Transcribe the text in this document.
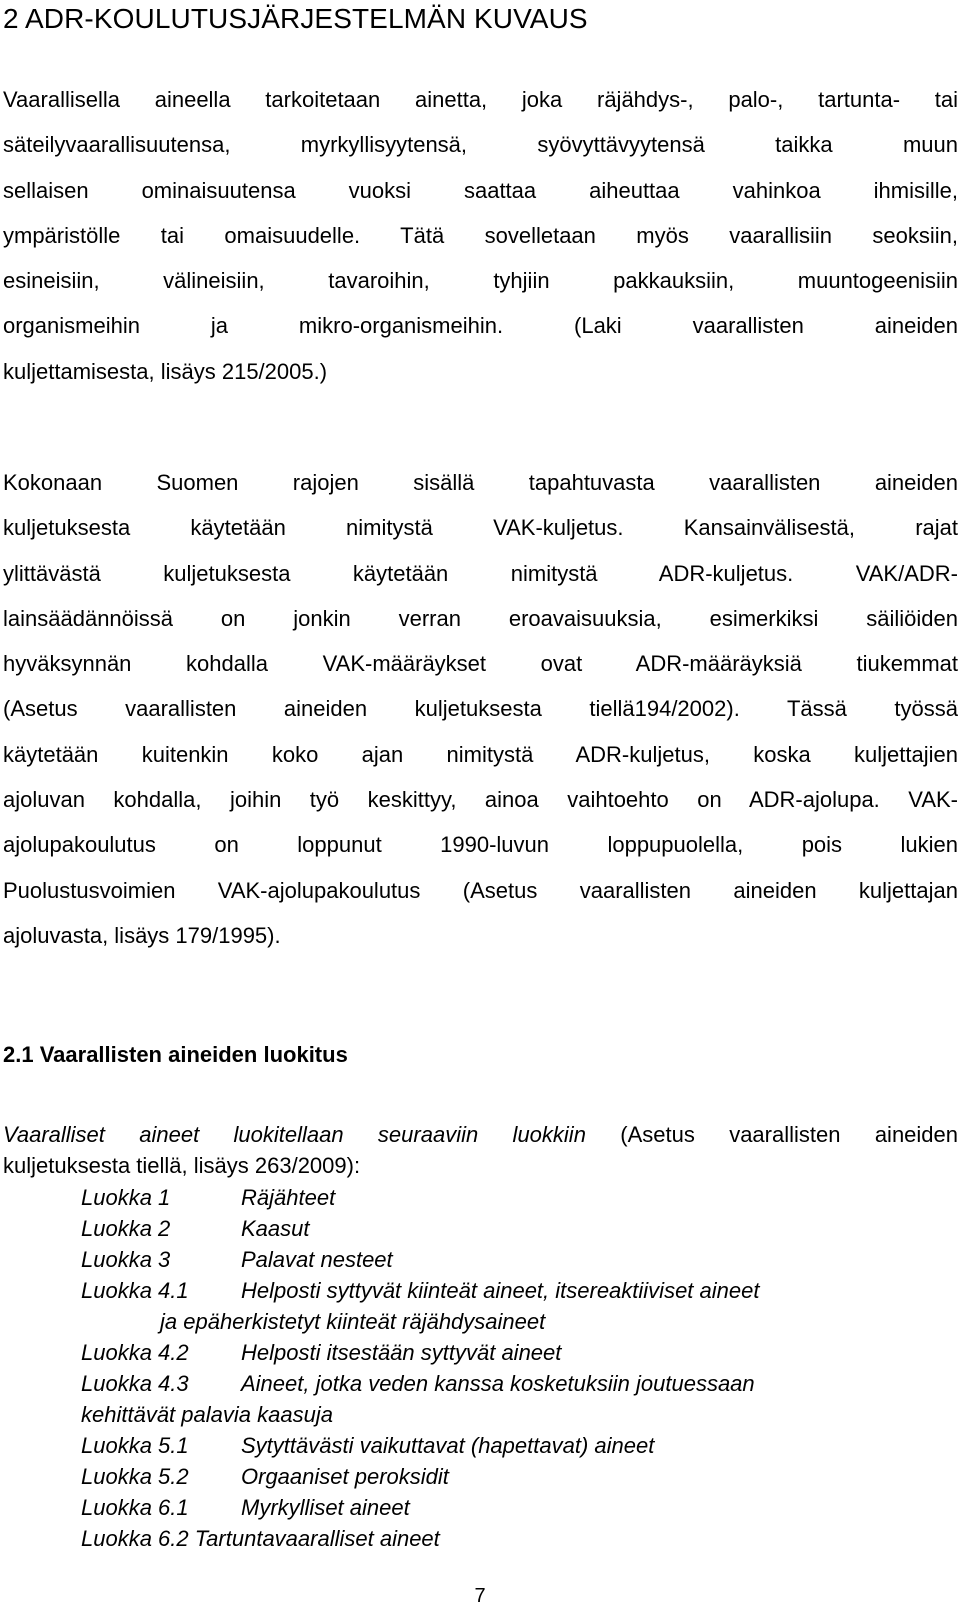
2 ADR-KOULUTUSJÄRJESTELMÄN KUVAUS

Vaarallisella aineella tarkoitetaan ainetta, joka räjähdys-, palo-, tartunta- tai
säteilyvaarallisuutensa, myrkyllisyytensä, syövyttävyytensä taikka muun
sellaisen ominaisuutensa vuoksi saattaa aiheuttaa vahinkoa ihmisille,
ympäristölle tai omaisuudelle. Tätä sovelletaan myös vaarallisiin seoksiin,
esineisiin, välineisiin, tavaroihin, tyhjiin pakkauksiin, muuntogeenisiin
organismeihin ja mikro-organismeihin. (Laki vaarallisten aineiden
kuljettamisesta, lisäys 215/2005.)

Kokonaan Suomen rajojen sisällä tapahtuvasta vaarallisten aineiden
kuljetuksesta käytetään nimitystä VAK-kuljetus. Kansainvälisestä, rajat
ylittävästä kuljetuksesta käytetään nimitystä ADR-kuljetus. VAK/ADR-
lainsäädännöissä on jonkin verran eroavaisuuksia, esimerkiksi säiliöiden
hyväksynnän kohdalla VAK-määräykset ovat ADR-määräyksiä tiukemmat
(Asetus vaarallisten aineiden kuljetuksesta tiellä194/2002). Tässä työssä
käytetään kuitenkin koko ajan nimitystä ADR-kuljetus, koska kuljettajien
ajoluvan kohdalla, joihin työ keskittyy, ainoa vaihtoehto on ADR-ajolupa. VAK-
ajolupakoulutus on loppunut 1990-luvun loppupuolella, pois lukien
Puolustusvoimien VAK-ajolupakoulutus (Asetus vaarallisten aineiden kuljettajan
ajoluvasta, lisäys 179/1995).

2.1 Vaarallisten aineiden luokitus
Vaaralliset aineet luokitellaan seuraaviin luokkiin (Asetus vaarallisten aineiden
kuljetuksesta tiellä, lisäys 263/2009):
Luokka 1	Räjähteet
Luokka 2	Kaasut
Luokka 3	Palavat nesteet
Luokka 4.1 Helposti syttyvät kiinteät aineet, itsereaktiiviset aineet
ja epäherkistetyt kiinteät räjähdysaineet
Luokka 4.2 Helposti itsestään syttyvät aineet
Luokka 4.3 Aineet, jotka veden kanssa kosketuksiin joutuessaan
kehittävät palavia kaasuja
Luokka 5.1 Sytyttävästi vaikuttavat (hapettavat) aineet
Luokka 5.2 Orgaaniset peroksidit
Luokka 6.1 Myrkylliset aineet
Luokka 6.2 Tartuntavaaralliset aineet
7
